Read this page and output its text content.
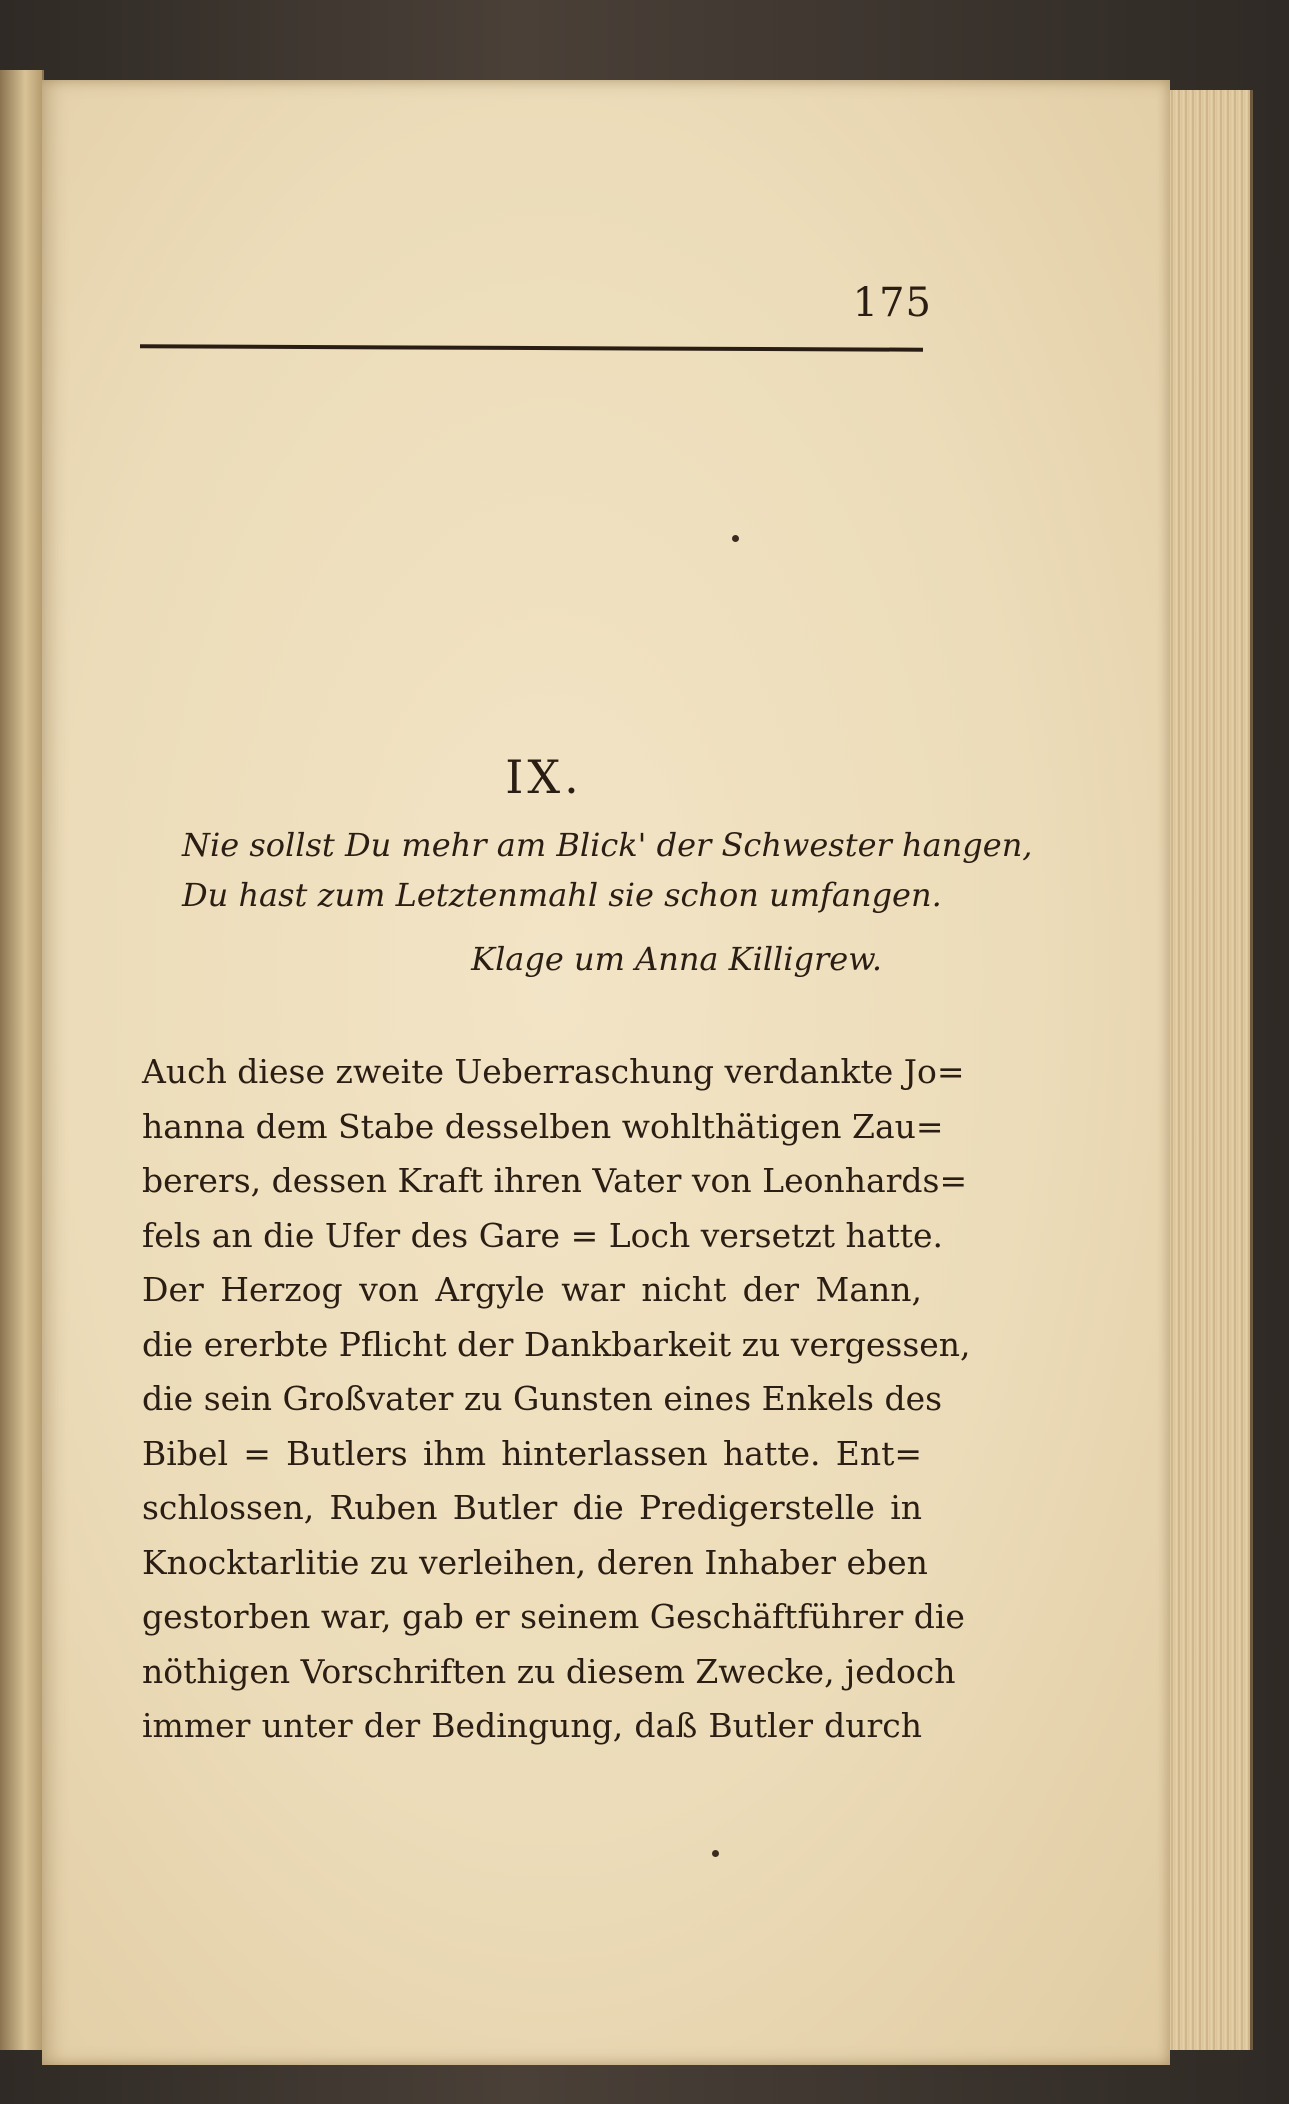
175
IX.
Nie sollst Du mehr am Blick' der Schwester hangen,
Du hast zum Letztenmahl sie schon umfangen.
Klage um Anna Killigrew.
Auch diese zweite Ueberraschung verdankte Jo=
hanna dem Stabe desselben wohlthätigen Zau=
berers, dessen Kraft ihren Vater von Leonhards=
fels an die Ufer des Gare = Loch versetzt hatte.
Der Herzog von Argyle war nicht der Mann,
die ererbte Pflicht der Dankbarkeit zu vergessen,
die sein Großvater zu Gunsten eines Enkels des
Bibel = Butlers ihm hinterlassen hatte. Ent=
schlossen, Ruben Butler die Predigerstelle in
Knocktarlitie zu verleihen, deren Inhaber eben
gestorben war, gab er seinem Geschäftführer die
nöthigen Vorschriften zu diesem Zwecke, jedoch
immer unter der Bedingung, daß Butler durch
